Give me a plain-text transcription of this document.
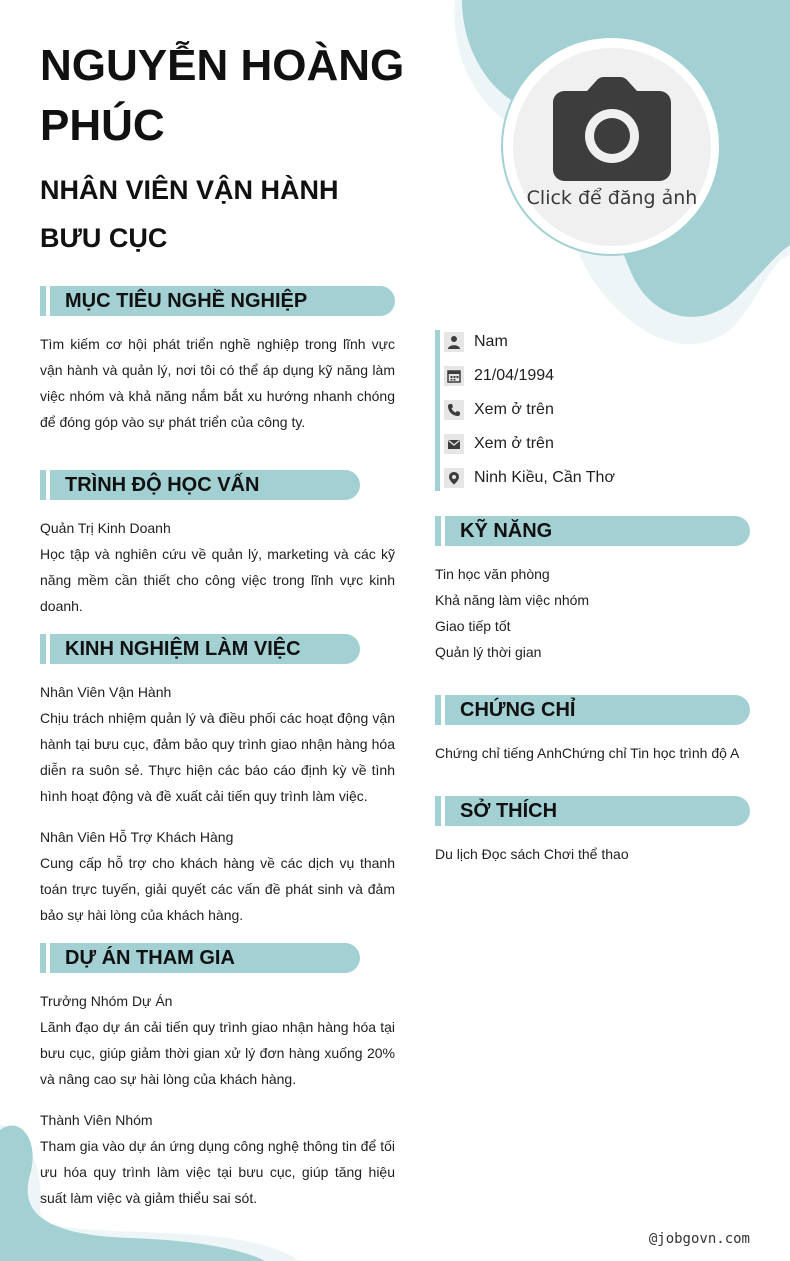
NGUYỄN HOÀNG PHÚC
NHÂN VIÊN VẬN HÀNH BƯU CỤC
Click để đăng ảnh
MỤC TIÊU NGHỀ NGHIỆP

Tìm kiếm cơ hội phát triển nghề nghiệp trong lĩnh vực vận hành và quản lý, nơi tôi có thể áp dụng kỹ năng làm việc nhóm và khả năng nắm bắt xu hướng nhanh chóng để đóng góp vào sự phát triển của công ty.

TRÌNH ĐỘ HỌC VẤN
Quản Trị Kinh Doanh

Học tập và nghiên cứu về quản lý, marketing và các kỹ năng mềm cần thiết cho công việc trong lĩnh vực kinh doanh.

KINH NGHIỆM LÀM VIỆC
Nhân Viên Vận Hành

Chịu trách nhiệm quản lý và điều phối các hoạt động vận hành tại bưu cục, đảm bảo quy trình giao nhận hàng hóa diễn ra suôn sẻ. Thực hiện các báo cáo định kỳ về tình hình hoạt động và đề xuất cải tiến quy trình làm việc.

Nhân Viên Hỗ Trợ Khách Hàng

Cung cấp hỗ trợ cho khách hàng về các dịch vụ thanh toán trực tuyến, giải quyết các vấn đề phát sinh và đảm bảo sự hài lòng của khách hàng.

DỰ ÁN THAM GIA
Trưởng Nhóm Dự Án

Lãnh đạo dự án cải tiến quy trình giao nhận hàng hóa tại bưu cục, giúp giảm thời gian xử lý đơn hàng xuống 20% và nâng cao sự hài lòng của khách hàng.

Thành Viên Nhóm

Tham gia vào dự án ứng dụng công nghệ thông tin để tối ưu hóa quy trình làm việc tại bưu cục, giúp tăng hiệu suất làm việc và giảm thiểu sai sót.

Nam
21/04/1994
Xem ở trên
Xem ở trên
Ninh Kiều, Cần Thơ
KỸ NĂNG
Tin học văn phòng
Khả năng làm việc nhóm
Giao tiếp tốt
Quản lý thời gian
CHỨNG CHỈ
Chứng chỉ tiếng AnhChứng chỉ Tin học trình độ A
SỞ THÍCH
Du lịch Đọc sách Chơi thể thao
@jobgovn.com
